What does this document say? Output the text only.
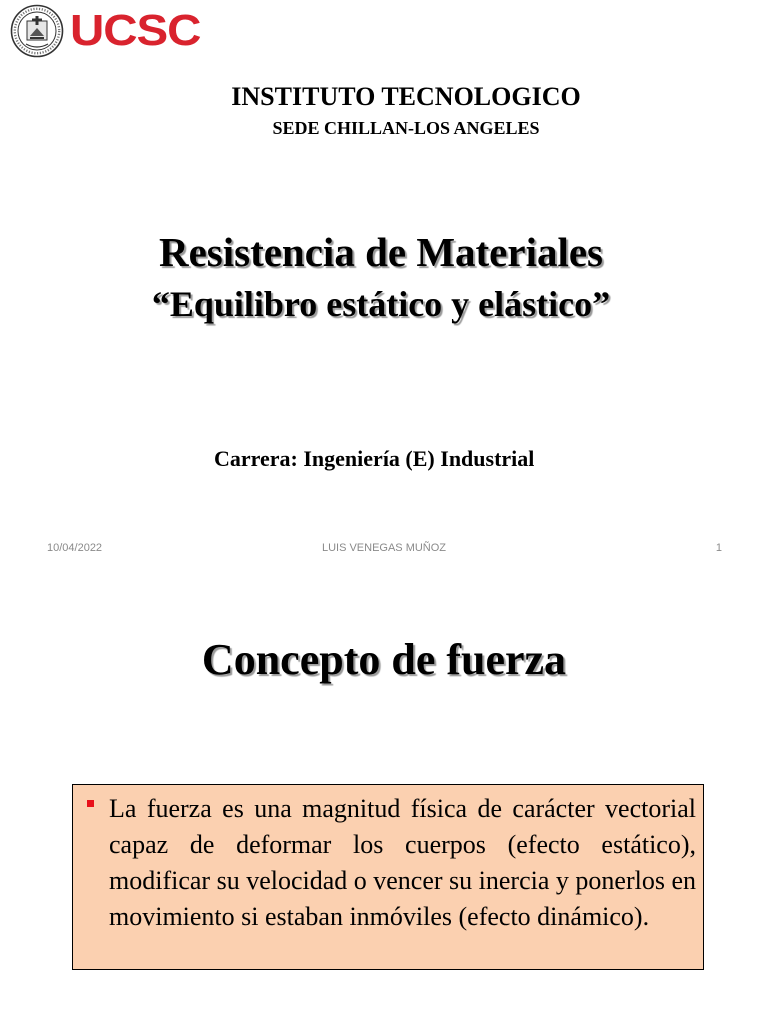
UCSC
INSTITUTO TECNOLOGICO
SEDE CHILLAN-LOS ANGELES
Resistencia de Materiales
“Equilibro estático y elástico”
Carrera: Ingeniería (E) Industrial
10/04/2022	LUIS VENEGAS MUÑOZ	1
Concepto de fuerza

La fuerza es una magnitud física de carácter vectorial capaz de deformar los cuerpos (efecto estático), modificar su velocidad o vencer su inercia y ponerlos en movimiento si estaban inmóviles (efecto dinámico).
